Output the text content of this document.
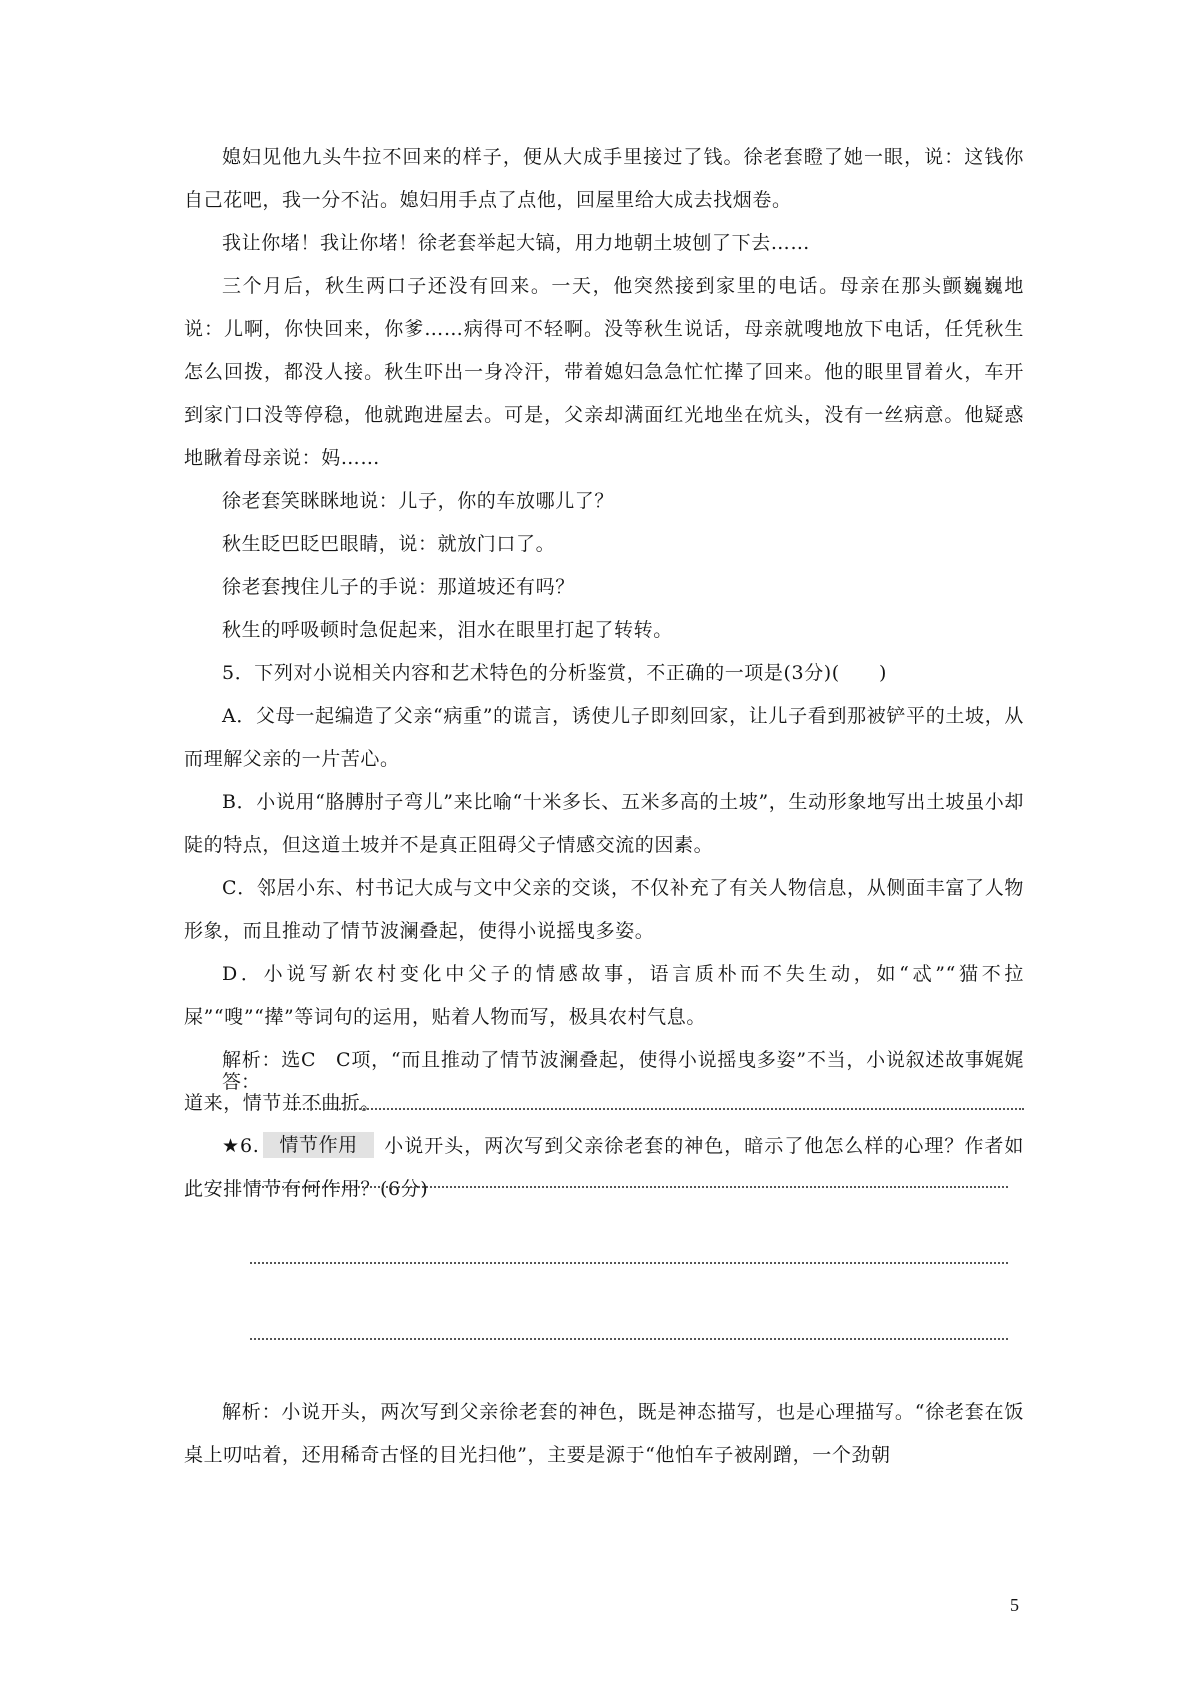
媳妇见他九头牛拉不回来的样子，便从大成手里接过了钱。徐老套瞪了她一眼，说：这钱你自己花吧，我一分不沾。媳妇用手点了点他，回屋里给大成去找烟卷。

我让你堵！我让你堵！徐老套举起大镐，用力地朝土坡刨了下去……

三个月后，秋生两口子还没有回来。一天，他突然接到家里的电话。母亲在那头颤巍巍地说：儿啊，你快回来，你爹……病得可不轻啊。没等秋生说话，母亲就嗖地放下电话，任凭秋生怎么回拨，都没人接。秋生吓出一身冷汗，带着媳妇急急忙忙撵了回来。他的眼里冒着火，车开到家门口没等停稳，他就跑进屋去。可是，父亲却满面红光地坐在炕头，没有一丝病意。他疑惑地瞅着母亲说：妈……

徐老套笑眯眯地说：儿子，你的车放哪儿了？

秋生眨巴眨巴眼睛，说：就放门口了。

徐老套拽住儿子的手说：那道坡还有吗？

秋生的呼吸顿时急促起来，泪水在眼里打起了转转。

5．下列对小说相关内容和艺术特色的分析鉴赏，不正确的一项是(3分)(　　)

A．父母一起编造了父亲“病重”的谎言，诱使儿子即刻回家，让儿子看到那被铲平的土坡，从而理解父亲的一片苦心。

B．小说用“胳膊肘子弯儿”来比喻“十米多长、五米多高的土坡”，生动形象地写出土坡虽小却陡的特点，但这道土坡并不是真正阻碍父子情感交流的因素。

C．邻居小东、村书记大成与文中父亲的交谈，不仅补充了有关人物信息，从侧面丰富了人物形象，而且推动了情节波澜叠起，使得小说摇曳多姿。

D．小说写新农村变化中父子的情感故事，语言质朴而不失生动，如“忒”“猫不拉屎”“嗖”“撵”等词句的运用，贴着人物而写，极具农村气息。

解析：选C　C项，“而且推动了情节波澜叠起，使得小说摇曳多姿”不当，小说叙述故事娓娓道来，情节并不曲折。

★6. 情节作用 小说开头，两次写到父亲徐老套的神色，暗示了他怎么样的心理？作者如此安排情节有何作用？(6分)

解析：小说开头，两次写到父亲徐老套的神色，既是神态描写，也是心理描写。“徐老套在饭桌上叨咕着，还用稀奇古怪的目光扫他”，主要是源于“他怕车子被剐蹭，一个劲朝

答：
5
